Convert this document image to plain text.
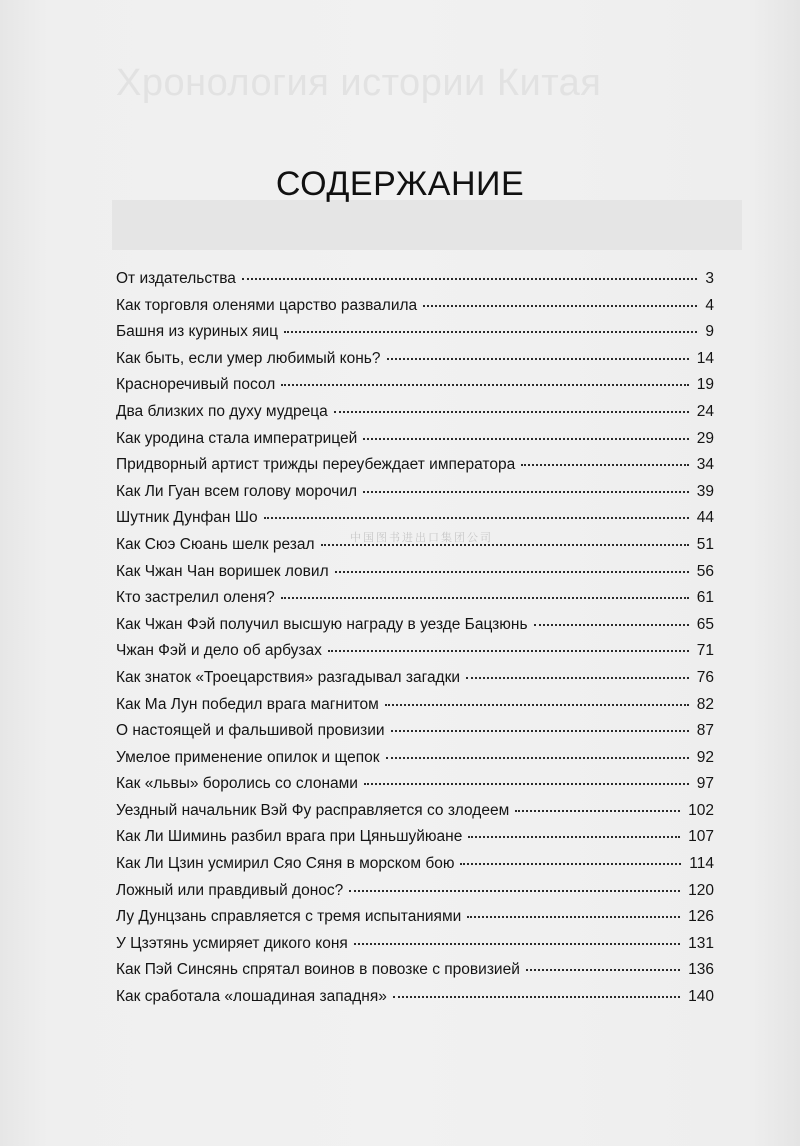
Хронология истории Китая
СОДЕРЖАНИЕ
От издательства	3
Как торговля оленями царство развалила	4
Башня из куриных яиц	9
Как быть, если умер любимый конь?	14
Красноречивый посол	19
Два близких по духу мудреца	24
Как уродина стала императрицей	29
Придворный артист трижды переубеждает императора	34
Как Ли Гуан всем голову морочил	39
Шутник Дунфан Шо	44
Как Сюэ Сюань шелк резал	51
Как Чжан Чан воришек ловил	56
Кто застрелил оленя?	61
Как Чжан Фэй получил высшую награду в уезде Бацзюнь	65
Чжан Фэй и дело об арбузах	71
Как знаток «Троецарствия» разгадывал загадки	76
Как Ма Лун победил врага магнитом	82
О настоящей и фальшивой провизии	87
Умелое применение опилок и щепок	92
Как «львы» боролись со слонами	97
Уездный начальник Вэй Фу расправляется со злодеем	102
Как Ли Шиминь разбил врага при Цяньшуйюане	107
Как Ли Цзин усмирил Сяо Сяня в морском бою	114
Ложный или правдивый донос?	120
Лу Дунцзань справляется с тремя испытаниями	126
У Цзэтянь усмиряет дикого коня	131
Как Пэй Синсянь спрятал воинов в повозке с провизией	136
Как сработала «лошадиная западня»	140
中国图书进出口集团公司
